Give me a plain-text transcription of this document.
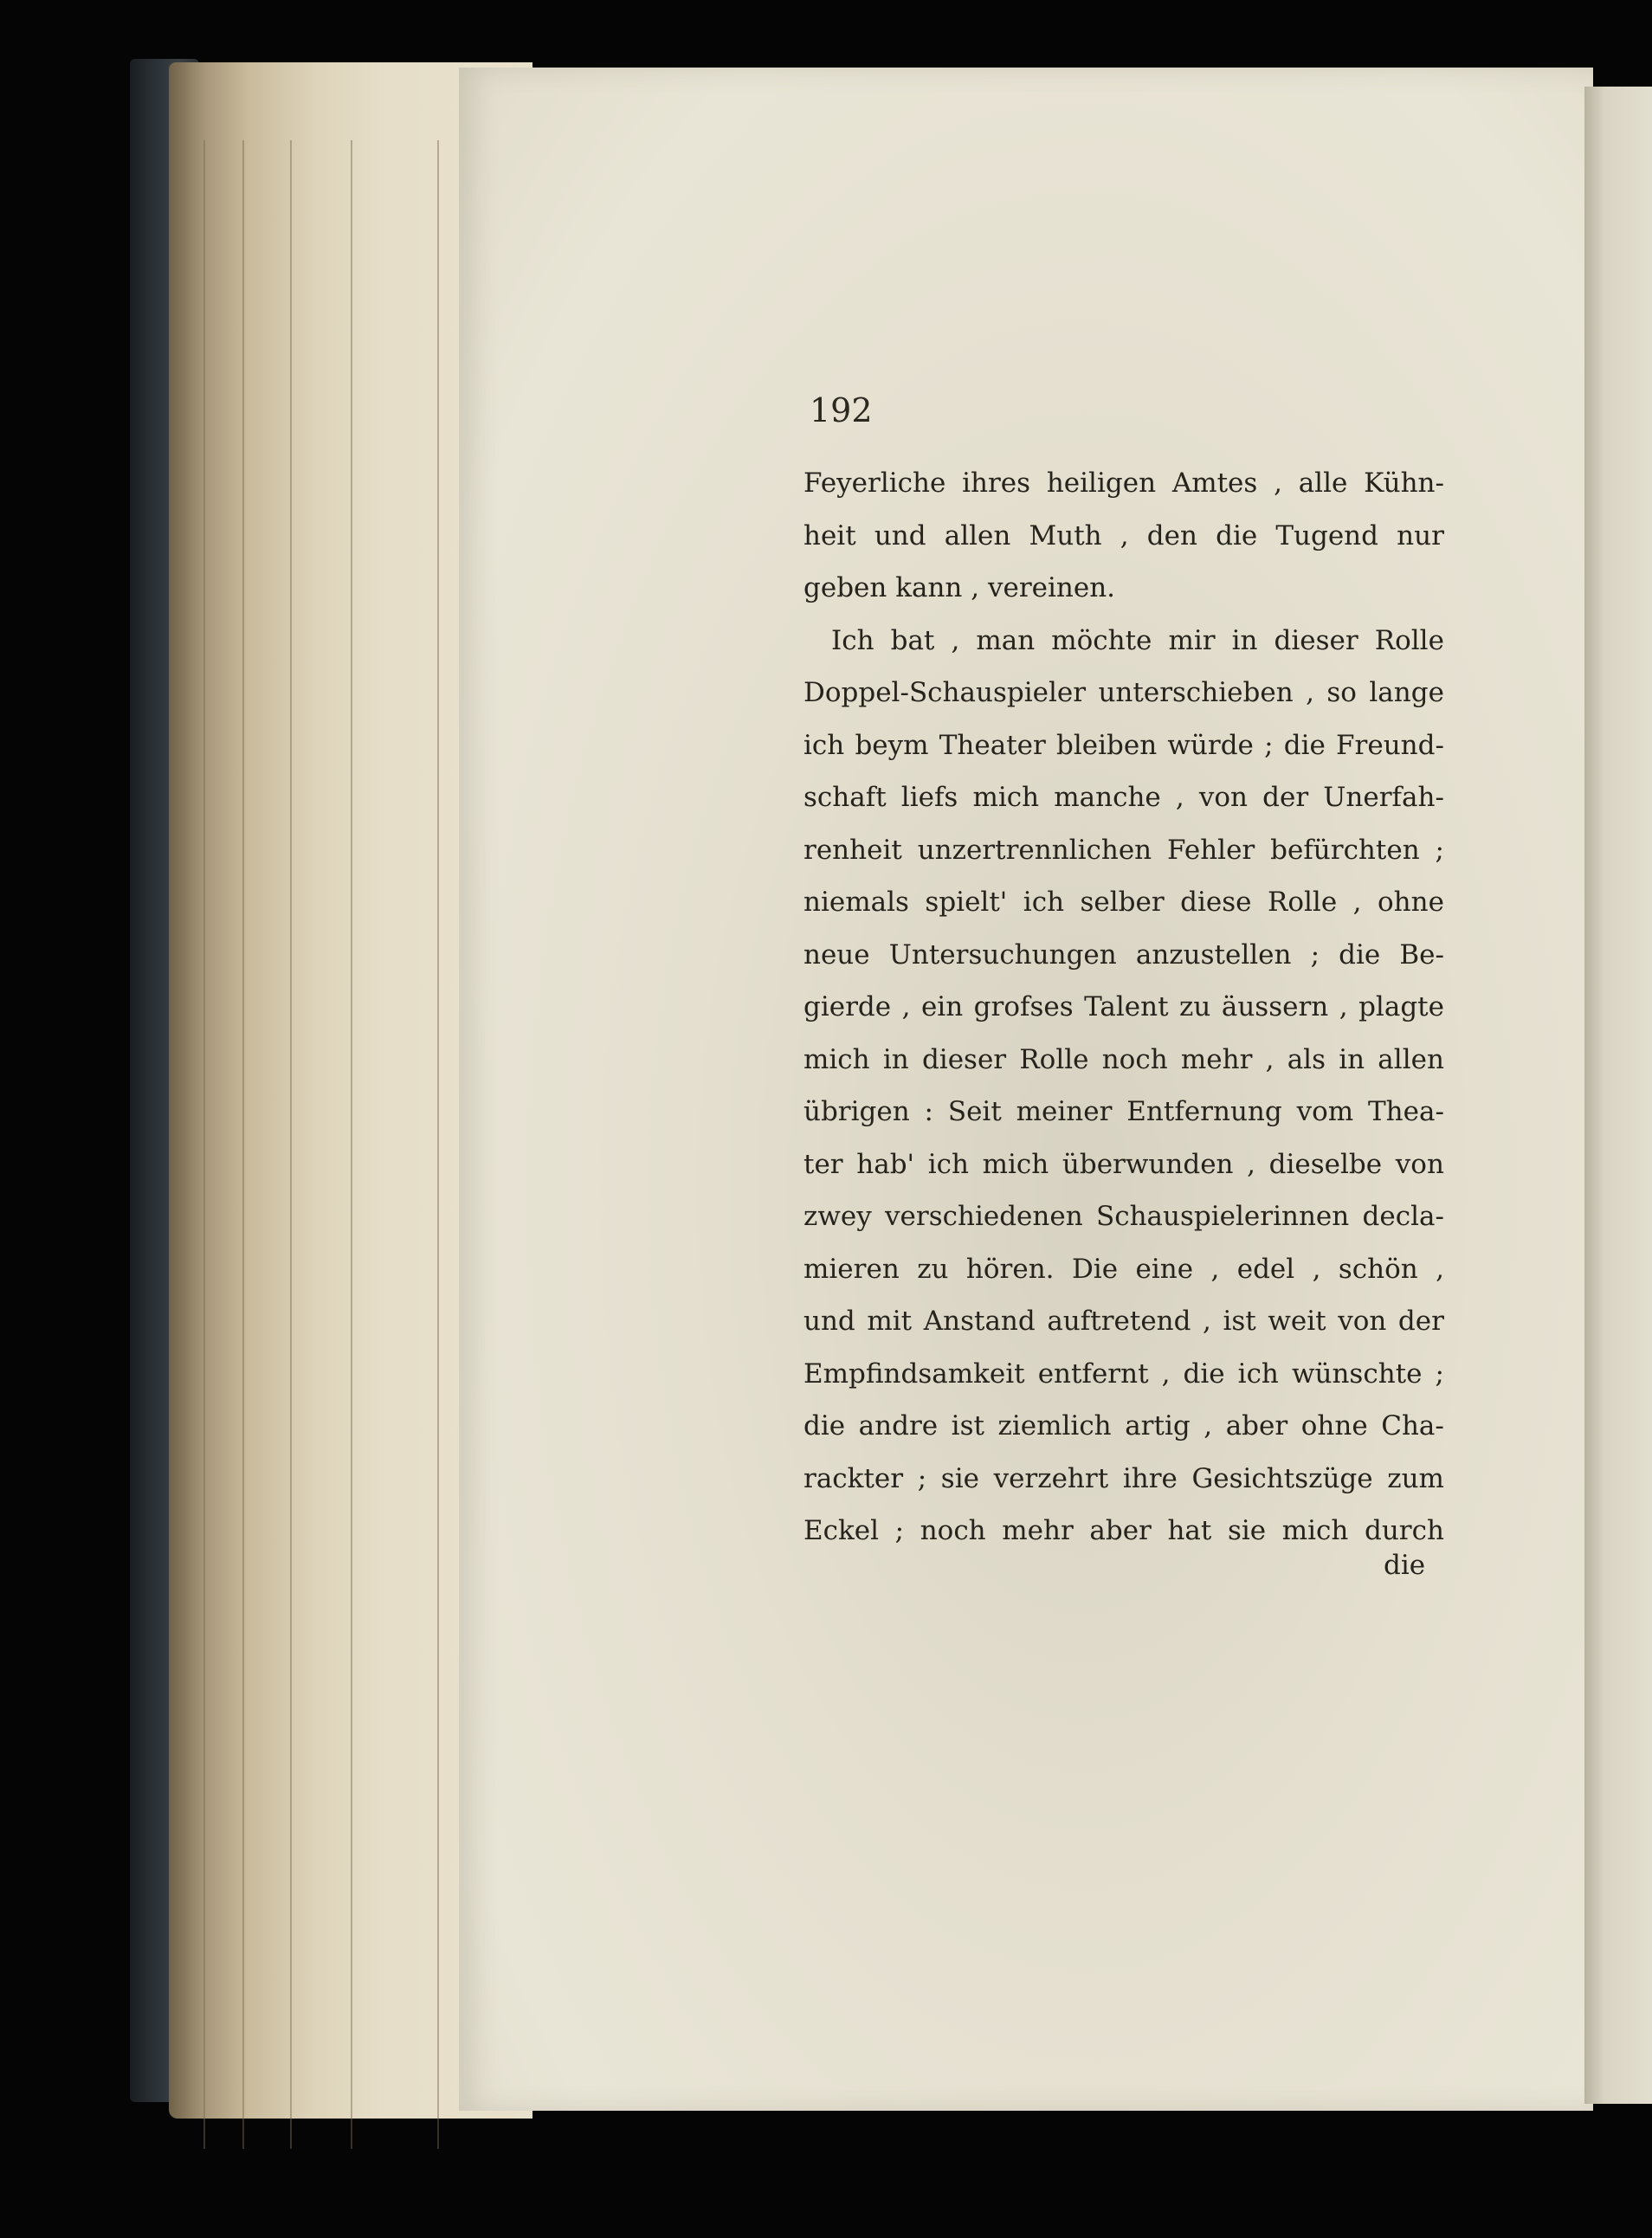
192
Feyerliche ihres heiligen Amtes , alle Kühn-
heit und allen Muth , den die Tugend nur
geben kann , vereinen.
Ich bat , man möchte mir in dieser Rolle
Doppel-Schauspieler unterschieben , so lange
ich beym Theater bleiben würde ; die Freund-
schaft liefs mich manche , von der Unerfah-
renheit unzertrennlichen Fehler befürchten ;
niemals spielt' ich selber diese Rolle , ohne
neue Untersuchungen anzustellen ; die Be-
gierde , ein grofses Talent zu äussern , plagte
mich in dieser Rolle noch mehr , als in allen
übrigen : Seit meiner Entfernung vom Thea-
ter hab' ich mich überwunden , dieselbe von
zwey verschiedenen Schauspielerinnen decla-
mieren zu hören. Die eine , edel , schön ,
und mit Anstand auftretend , ist weit von der
Empfindsamkeit entfernt , die ich wünschte ;
die andre ist ziemlich artig , aber ohne Cha-
rackter ; sie verzehrt ihre Gesichtszüge zum
Eckel ; noch mehr aber hat sie mich durch
die
